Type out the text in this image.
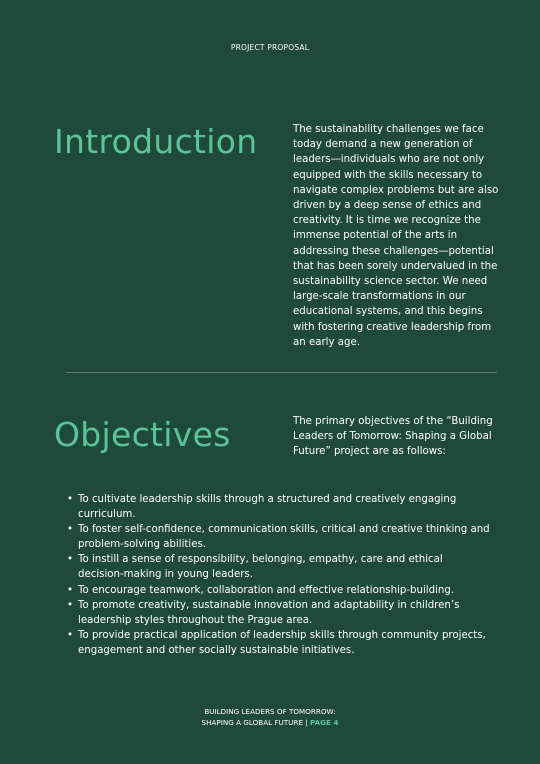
PROJECT PROPOSAL
Introduction	The sustainability challenges we face today demand a new generation of leaders—individuals who are not only equipped with the skills necessary to navigate complex problems but are also driven by a deep sense of ethics and creativity. It is time we recognize the immense potential of the arts in addressing these challenges—potential that has been sorely undervalued in the sustainability science sector. We need large-scale transformations in our educational systems, and this begins with fostering creative leadership from an early age.

Objectives	The primary objectives of the “Building Leaders of Tomorrow: Shaping a Global Future” project are as follows:

• To cultivate leadership skills through a structured and creatively engaging curriculum.
• To foster self-confidence, communication skills, critical and creative thinking and problem-solving abilities.
• To instill a sense of responsibility, belonging, empathy, care and ethical decision-making in young leaders.
• To encourage teamwork, collaboration and effective relationship-building.
• To promote creativity, sustainable innovation and adaptability in children’s leadership styles throughout the Prague area.
• To provide practical application of leadership skills through community projects, engagement and other socially sustainable initiatives.
BUILDING LEADERS OF TOMORROW:
SHAPING A GLOBAL FUTURE | PAGE 4
